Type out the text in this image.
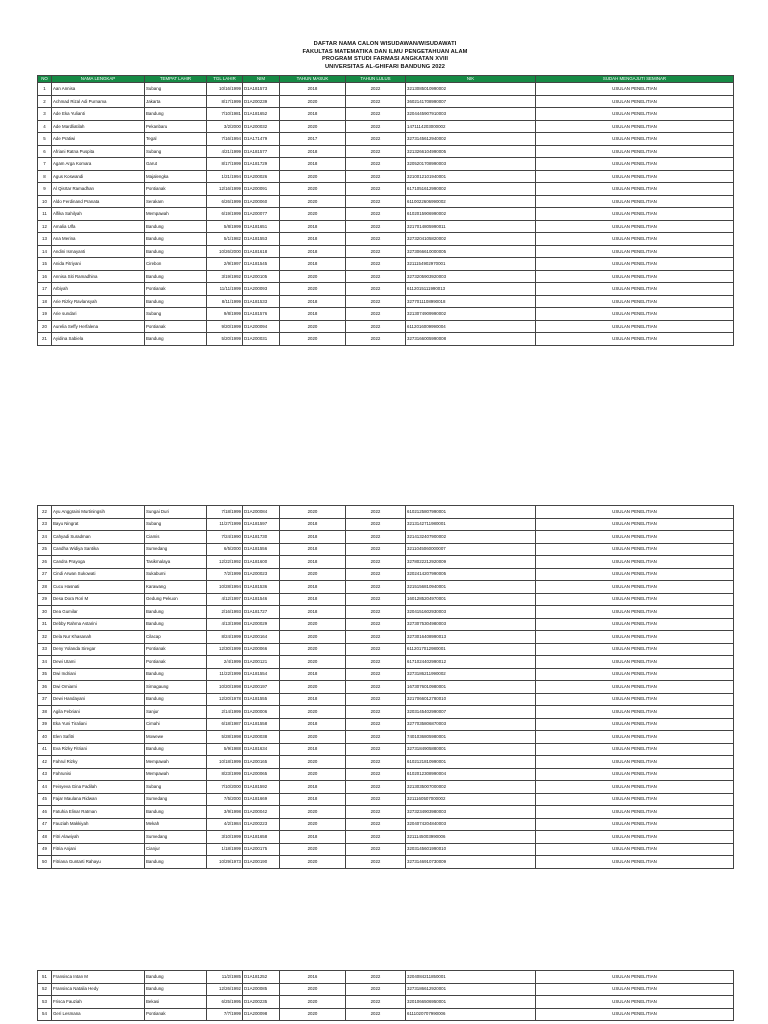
DAFTAR NAMA CALON WISUDAWAN/WISUDAWATI
FAKULTAS MATEMATIKA DAN ILMU PENGETAHUAN ALAM
PROGRAM STUDI FARMASI ANGKATAN XVIII
UNIVERSITAS AL-GHIFARI BANDUNG 2022
NO	NAMA LENGKAP	TEMPAT LAHIR	TGL LAHIR	NIM	TAHUN MASUK	TAHUN LULUS	NIK	SUDAH MENGAJUTI SEMINAR
1	Aan Annisa	Subang	10/16/1999	D1A181573	2018	2022	3213085010990002	USULAN PENELITIAN
2	Achmad Rizal Adi Purnama	Jakarta	8/17/1999	D1A200239	2020	2022	3602141708990007	USULAN PENELITIAN
3	Ade Eka Yulianti	Bandung	7/10/1981	D1A181652	2018	2022	3204445907910003	USULAN PENELITIAN
4	Ade Mardliatilah	Pekanbaru	3/2/2000	D1A200032	2020	2022	1471114203000002	USULAN PENELITIAN
5	Ade Pratiwi	Tegal	7/16/1994	D1A171479	2017	2022	3273145612940002	USULAN PENELITIAN
6	Afriani Ratna Puspita	Subang	4/21/1999	D1A181577	2018	2022	3213266104990005	USULAN PENELITIAN
7	Agam Arga Komara	Garut	8/17/1999	D1A181729	2018	2022	3205201708990003	USULAN PENELITIAN
8	Agus Koswandi	Majalengka	1/21/1994	D1A200026	2020	2022	3210012101940001	USULAN PENELITIAN
9	Al Qisrtar Ramadhan	Pontianak	12/16/1999	D1A200091	2020	2022	6171051612990002	USULAN PENELITIAN
10	Aldo Ferdinand Pranata	Serakam	6/26/1999	D1A200060	2020	2022	6110022606990002	USULAN PENELITIAN
11	Alfika Sahilyah	Mempawah	6/19/1999	D1A200077	2020	2022	6102015906990002	USULAN PENELITIAN
12	Amalia Ulfa	Bandung	5/8/1999	D1A181651	2018	2022	3217014805990011	USULAN PENELITIAN
13	Ana Merina	Bandung	5/1/1982	D1A181553	2018	2022	3273204105820002	USULAN PENELITIAN
14	Andini Ismayanti	Bandung	10/26/2000	D1A181618	2018	2022	3273066610000005	USULAN PENELITIAN
15	Anida Fitriyani	Cirebon	2/9/1997	D1A181545	2018	2022	3211154902970001	USULAN PENELITIAN
16	Annisa Siti Ramadhina	Bandung	3/19/1992	D1A200105	2020	2022	3273205903920003	USULAN PENELITIAN
17	Arbiyah	Pontianak	11/11/1999	D1A200093	2020	2022	6112015111990013	USULAN PENELITIAN
18	Arie Rizky Ravlansyah	Bandung	8/11/1999	D1A181533	2018	2022	3277011108990018	USULAN PENELITIAN
19	Arie sundari	Subang	9/8/1999	D1A181576	2018	2022	3213074909990002	USULAN PENELITIAN
20	Aurelia Seffy Herfalena	Pontianak	9/20/1999	D1A200094	2020	2022	6112016009990004	USULAN PENELITIAN
21	Ayidina Sabiela	Bandung	5/20/1999	D1A200031	2020	2022	3273166005990008	USULAN PENELITIAN
22	Ayu Anggraini Murtiningsih	Sungai Duri	7/18/1999	D1A200084	2020	2022	6102125807990001	USULAN PENELITIAN
23	Bayu Ningrat	Subang	11/27/1999	D1A181597	2018	2022	3213142711980001	USULAN PENELITIAN
24	Cahyadi Suradman	Ciamis	7/24/1990	D1A181730	2018	2022	3214132407900002	USULAN PENELITIAN
25	Candha Widiya Santika	Sumedang	6/5/2000	D1A181556	2018	2022	3211045060000007	USULAN PENELITIAN
26	Candra Prayoga	Tasikmalaya	12/22/1992	D1A181600	2018	2022	3278022212920009	USULAN PENELITIAN
27	Cindi Arwan Sukowati	Sukabumi	7/2/1999	D1A200023	2020	2022	3202414207990005	USULAN PENELITIAN
28	Cucu Hasnati	Karawang	10/28/1994	D1A181536	2018	2022	3215156810940001	USULAN PENELITIAN
29	Desa Dora Rori M	Gedung Pekuon	4/12/1997	D1A181546	2018	2022	1601285204970001	USULAN PENELITIAN
30	Dea Gumilar	Bandung	2/16/1993	D1A181727	2018	2022	3204151602930003	USULAN PENELITIAN
31	Debby Rahma Astarini	Bandung	4/13/1998	D1A200029	2020	2022	3273075304980003	USULAN PENELITIAN
32	Dela Nur Khasanah	Cilacap	8/24/1999	D1A200164	2020	2022	3273016408990013	USULAN PENELITIAN
33	Deny Yolanda Siregar	Pontianak	12/30/1999	D1A200066	2020	2022	6112017012980001	USULAN PENELITIAN
34	Dewi Utami	Pontianak	2/4/1999	D1A200121	2020	2022	6171024402990012	USULAN PENELITIAN
35	Dwi Indriani	Bandung	11/22/1999	D1A181554	2018	2022	3273186211990002	USULAN PENELITIAN
36	Dwi Omiarni	Sirnagaung	10/20/1998	D1A200197	2020	2022	1673076010980001	USULAN PENELITIAN
37	Dewi Handayani	Bandung	12/20/1978	D1A181555	2018	2022	3217066012780010	USULAN PENELITIAN
38	Agila Febriani	Sanjur	2/14/1999	D1A200006	2020	2022	3203145402990007	USULAN PENELITIAN
39	Eka Yuni Tiraliani	Cimahi	6/18/1987	D1A181558	2018	2022	3277035806870003	USULAN PENELITIAN
40	Elen Safitri	Mowewe	5/28/1998	D1A200038	2020	2022	7401036805980001	USULAN PENELITIAN
41	Eva Rizky Fitriani	Bandung	5/9/1988	D1A181634	2018	2022	3273184905880001	USULAN PENELITIAN
42	Fahrul Rizky	Mempawah	10/18/1999	D1A200165	2020	2022	6102121810990001	USULAN PENELITIAN
43	Fahrunisi	Mempawah	8/23/1999	D1A200065	2020	2022	6102012308990004	USULAN PENELITIAN
44	Feisyeva Gina Fadilah	Subang	7/10/2000	D1A181592	2018	2022	3213035007000002	USULAN PENELITIAN
45	Fajar Maulana Ridwan	Sumedang	7/5/2000	D1A181669	2018	2022	3211160507000002	USULAN PENELITIAN
46	Fatuhia Elinar Ratman	Bandung	3/9/1998	D1A200042	2020	2022	3273234903980003	USULAN PENELITIAN
47	Fauziah Makkiyah	Mekah	4/2/1984	D1A200223	2020	2022	3204074204840003	USULAN PENELITIAN
48	Fitri Alawiyah	Sumedang	3/10/1999	D1A181658	2018	2022	3211145003990006	USULAN PENELITIAN
49	Fitria Anjani	Cianjur	1/18/1999	D1A200175	2020	2022	3203145601990010	USULAN PENELITIAN
50	Fitriana Guntarti Rahayu	Bandung	10/29/1973	D1A200190	2020	2022	3273146910730009	USULAN PENELITIAN
51	Fransisca Intan M	Bandung	11/2/1985	D1A181252	2016	2022	3204084211850001	USULAN PENELITIAN
52	Fransisca Natalia Hedy	Bandung	12/26/1992	D1A200085	2020	2022	3273186612920001	USULAN PENELITIAN
53	Frisca Fauziah	Bekasi	6/25/1995	D1A200235	2020	2022	3201066506950001	USULAN PENELITIAN
54	Geri Lesmana	Pontianak	7/7/1999	D1A200098	2020	2022	6111020707990006	USULAN PENELITIAN
